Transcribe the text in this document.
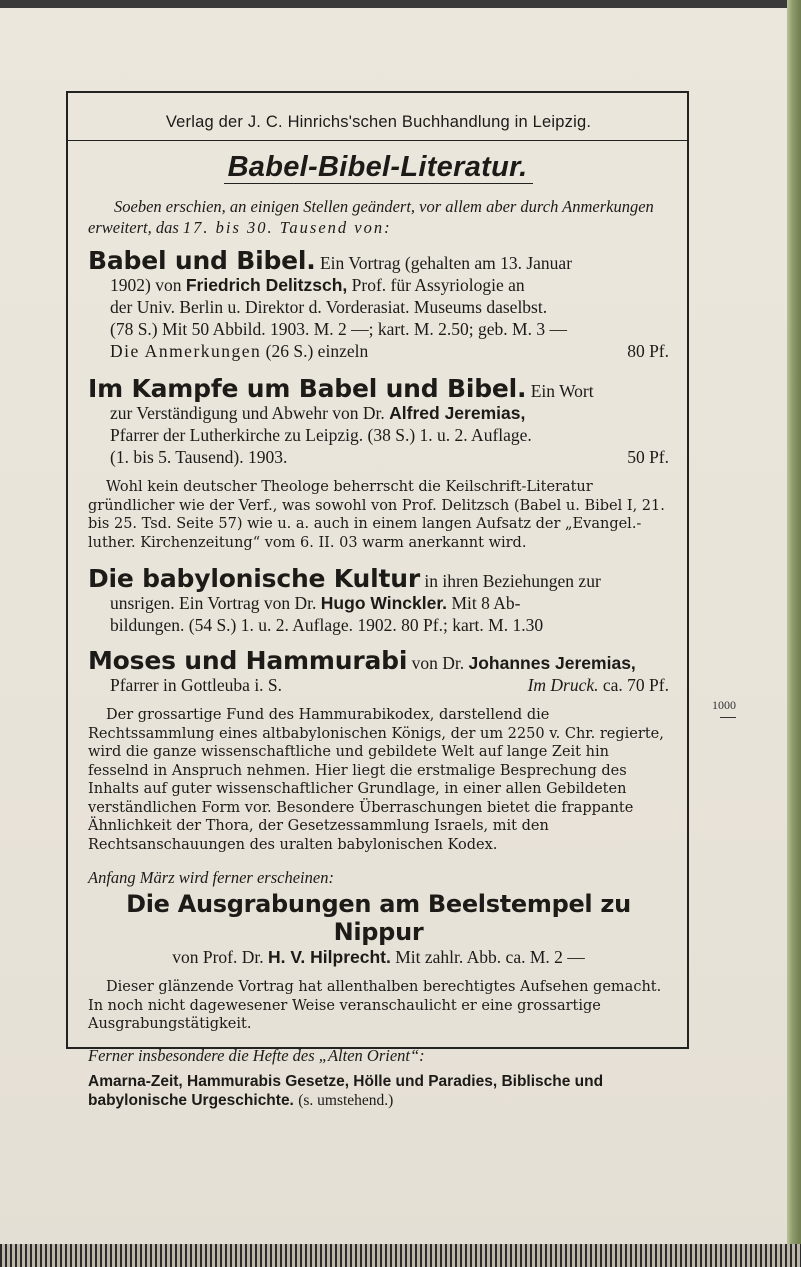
Verlag der J. C. Hinrichs'schen Buchhandlung in Leipzig.
Babel-Bibel-Literatur.
Soeben erschien, an einigen Stellen geändert, vor allem aber durch Anmerkungen erweitert, das 17. bis 30. Tausend von:
Babel und Bibel. Ein Vortrag (gehalten am 13. Januar
1902) von Friedrich Delitzsch, Prof. für Assyriologie an
der Univ. Berlin u. Direktor d. Vorderasiat. Museums daselbst.
(78 S.) Mit 50 Abbild. 1903. M. 2 —; kart. M. 2.50; geb. M. 3 —
Die Anmerkungen (26 S.) einzeln	80 Pf.
Im Kampfe um Babel und Bibel. Ein Wort
zur Verständigung und Abwehr von Dr. Alfred Jeremias,
Pfarrer der Lutherkirche zu Leipzig. (38 S.) 1. u. 2. Auflage.
(1. bis 5. Tausend). 1903.	50 Pf.

Wohl kein deutscher Theologe beherrscht die Keilschrift-Literatur gründlicher wie der Verf., was sowohl von Prof. Delitzsch (Babel u. Bibel I, 21. bis 25. Tsd. Seite 57) wie u. a. auch in einem langen Aufsatz der „Evangel.-luther. Kirchenzeitung“ vom 6. II. 03 warm anerkannt wird.

Die babylonische Kultur in ihren Beziehungen zur
unsrigen. Ein Vortrag von Dr. Hugo Winckler. Mit 8 Ab-
bildungen. (54 S.) 1. u. 2. Auflage. 1902. 80 Pf.; kart. M. 1.30
Moses und Hammurabi von Dr. Johannes Jeremias,
Pfarrer in Gottleuba i. S.	Im Druck. ca. 70 Pf.

Der grossartige Fund des Hammurabikodex, darstellend die Rechtssammlung eines altbabylonischen Königs, der um 2250 v. Chr. regierte, wird die ganze wissenschaftliche und gebildete Welt auf lange Zeit hin fesselnd in Anspruch nehmen. Hier liegt die erstmalige Besprechung des Inhalts auf guter wissenschaftlicher Grundlage, in einer allen Gebildeten verständlichen Form vor. Besondere Überraschungen bietet die frappante Ähnlichkeit der Thora, der Gesetzessammlung Israels, mit den Rechtsanschauungen des uralten babylonischen Kodex.

Anfang März wird ferner erscheinen:
Die Ausgrabungen am Beelstempel zu Nippur
von Prof. Dr. H. V. Hilprecht. Mit zahlr. Abb. ca. M. 2 —

Dieser glänzende Vortrag hat allenthalben berechtigtes Aufsehen gemacht. In noch nicht dagewesener Weise veranschaulicht er eine grossartige Ausgrabungstätigkeit.

Ferner insbesondere die Hefte des „Alten Orient“:
Amarna-Zeit, Hammurabis Gesetze, Hölle und Paradies, Biblische und babylonische Urgeschichte. (s. umstehend.)
1000
